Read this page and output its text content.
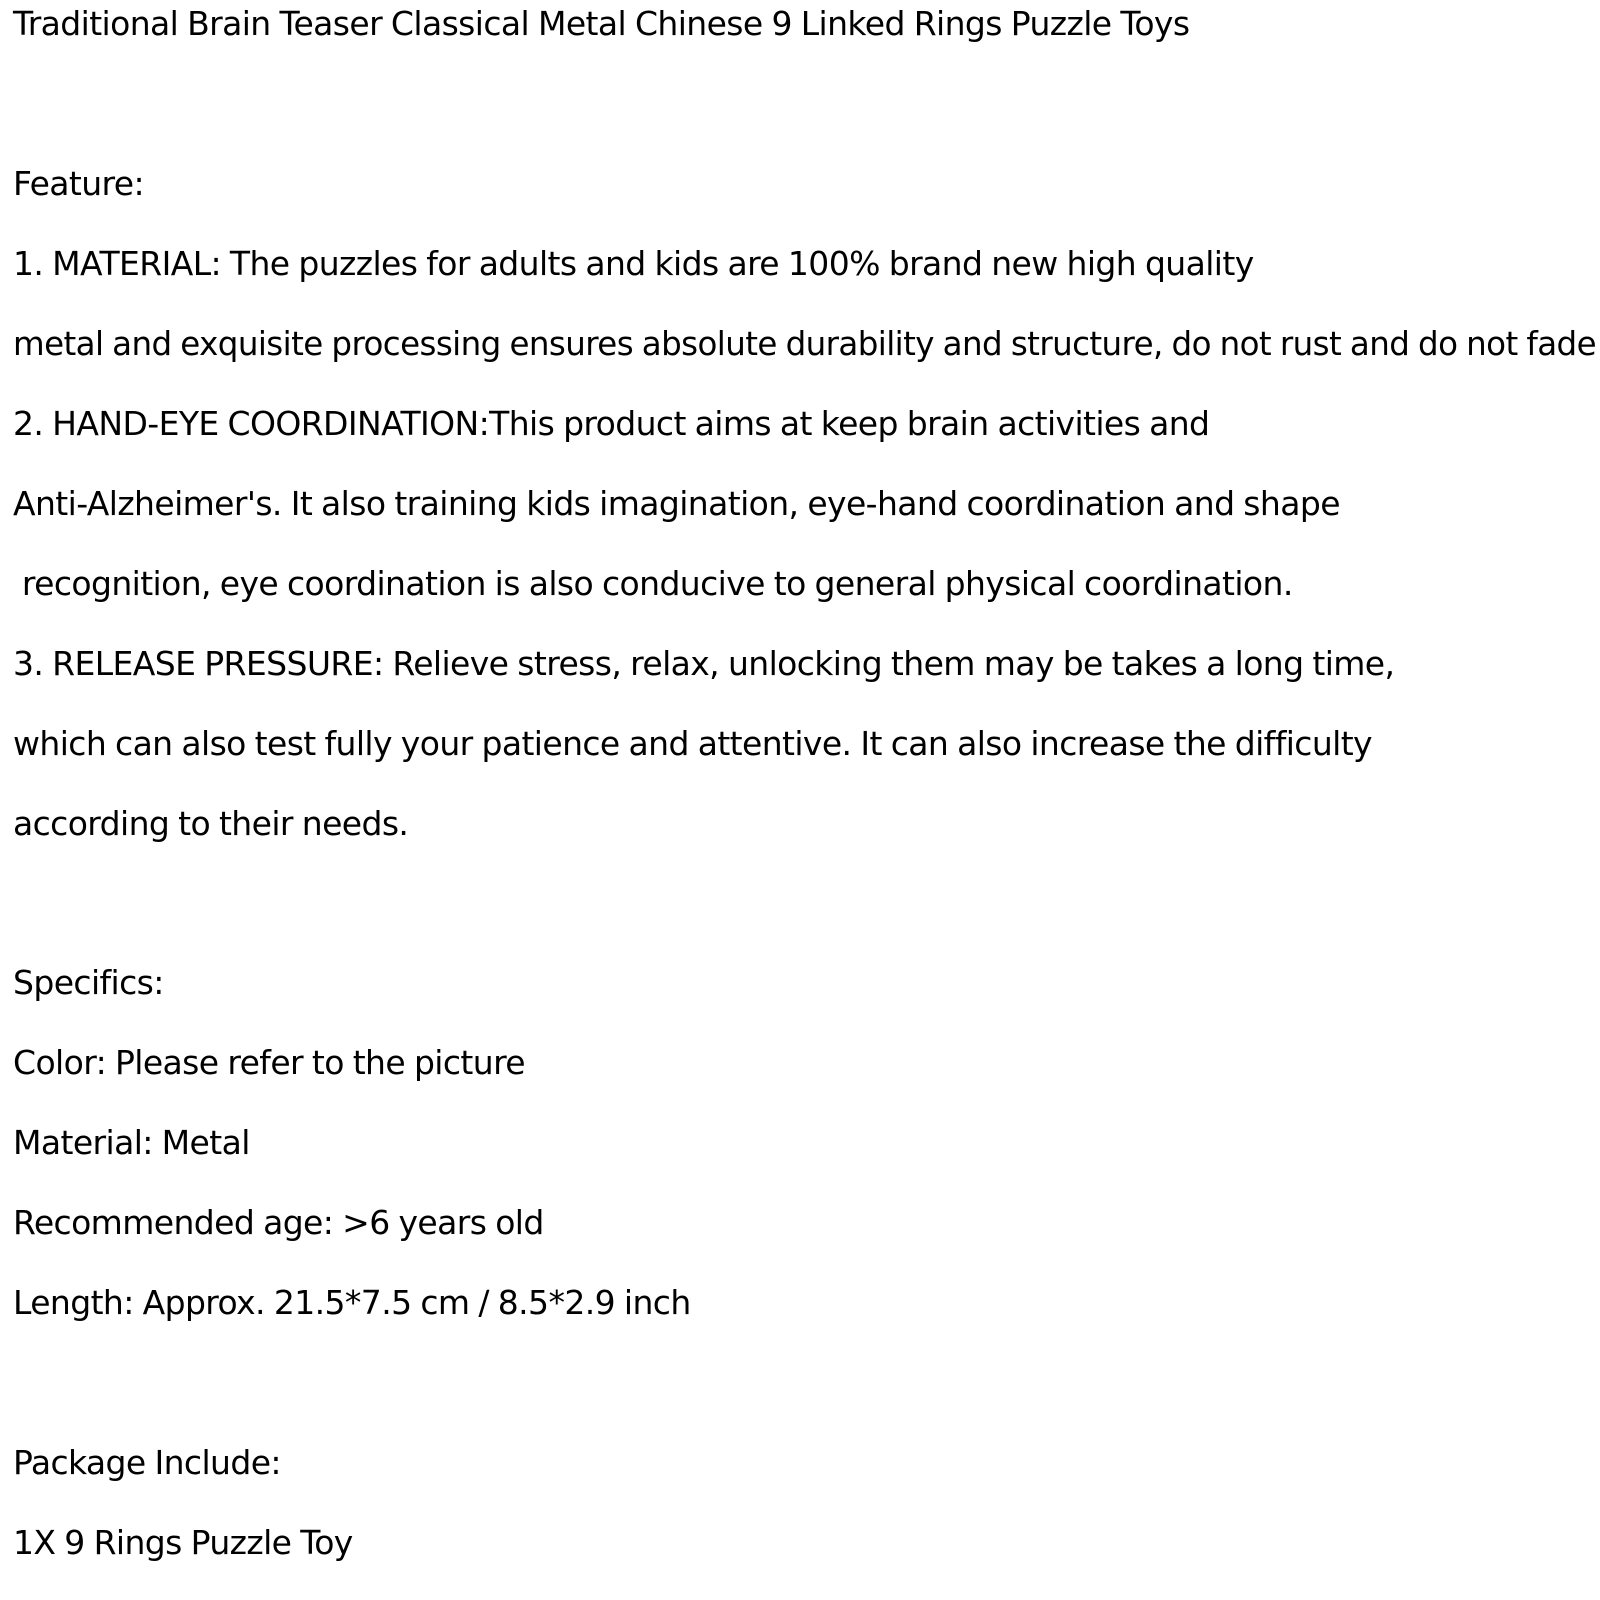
Traditional Brain Teaser Classical Metal Chinese 9 Linked Rings Puzzle Toys
Feature:
1. MATERIAL: The puzzles for adults and kids are 100% brand new high quality
metal and exquisite processing ensures absolute durability and structure, do not rust and do not fade
2. HAND-EYE COORDINATION:This product aims at keep brain activities and
Anti-Alzheimer's. It also training kids imagination, eye-hand coordination and shape
recognition, eye coordination is also conducive to general physical coordination.
3. RELEASE PRESSURE: Relieve stress, relax, unlocking them may be takes a long time,
which can also test fully your patience and attentive. It can also increase the difficulty
according to their needs.
Specifics:
Color: Please refer to the picture
Material: Metal
Recommended age: >6 years old
Length: Approx. 21.5*7.5 cm / 8.5*2.9 inch
Package Include:
1X 9 Rings Puzzle Toy
